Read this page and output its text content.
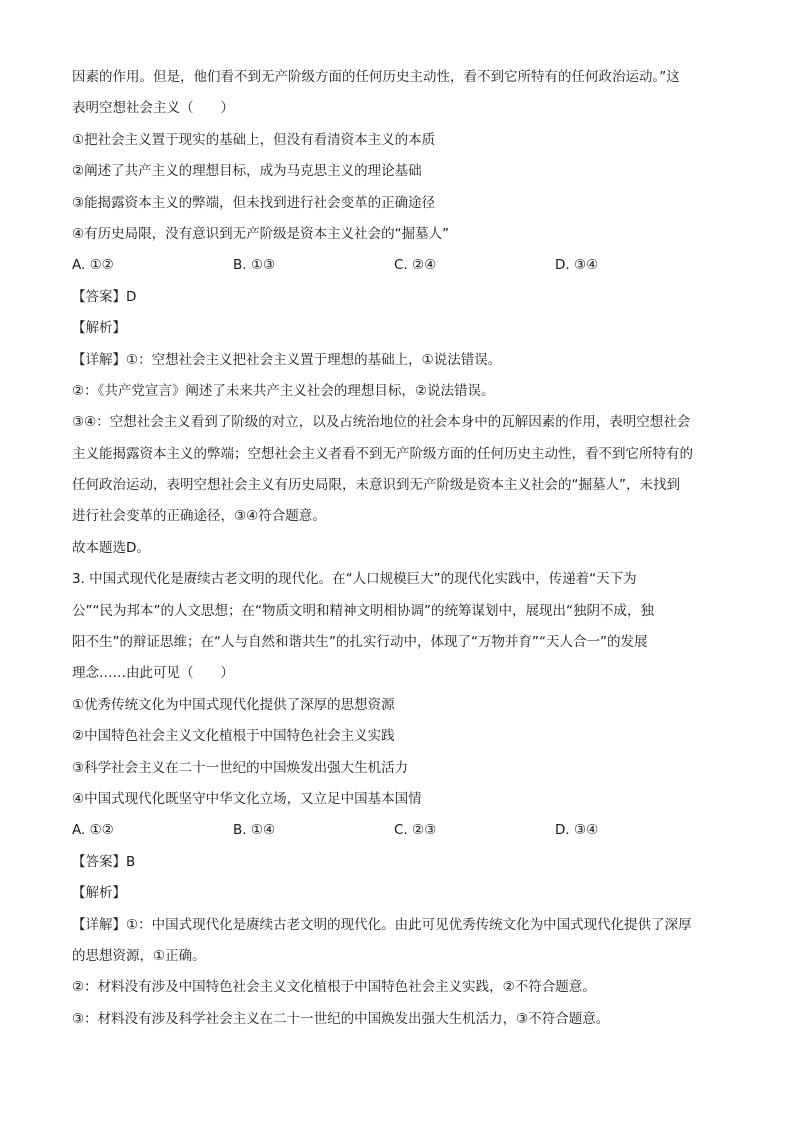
因素的作用。但是，他们看不到无产阶级方面的任何历史主动性，看不到它所特有的任何政治运动。”这
表明空想社会主义（　　）
①把社会主义置于现实的基础上，但没有看清资本主义的本质
②阐述了共产主义的理想目标，成为马克思主义的理论基础
③能揭露资本主义的弊端，但未找到进行社会变革的正确途径
④有历史局限，没有意识到无产阶级是资本主义社会的“掘墓人”
A. ①②	B. ①③	C. ②④	D. ③④
【答案】D
【解析】
【详解】①：空想社会主义把社会主义置于理想的基础上，①说法错误。
②：《共产党宣言》阐述了未来共产主义社会的理想目标，②说法错误。
③④：空想社会主义看到了阶级的对立，以及占统治地位的社会本身中的瓦解因素的作用，表明空想社会
主义能揭露资本主义的弊端；空想社会主义者看不到无产阶级方面的任何历史主动性，看不到它所特有的
任何政治运动，表明空想社会主义有历史局限，未意识到无产阶级是资本主义社会的“掘墓人”，未找到
进行社会变革的正确途径，③④符合题意。
故本题选D。
3. 中国式现代化是赓续古老文明的现代化。在“人口规模巨大”的现代化实践中，传递着“天下为
公”“民为邦本”的人文思想；在“物质文明和精神文明相协调”的统筹谋划中，展现出“独阴不成，独
阳不生”的辩证思维；在“人与自然和谐共生”的扎实行动中，体现了“万物并育”“天人合一”的发展
理念……由此可见（　　）
①优秀传统文化为中国式现代化提供了深厚的思想资源
②中国特色社会主义文化植根于中国特色社会主义实践
③科学社会主义在二十一世纪的中国焕发出强大生机活力
④中国式现代化既坚守中华文化立场，又立足中国基本国情
A. ①②	B. ①④	C. ②③	D. ③④
【答案】B
【解析】
【详解】①：中国式现代化是赓续古老文明的现代化。由此可见优秀传统文化为中国式现代化提供了深厚
的思想资源，①正确。
②：材料没有涉及中国特色社会主义文化植根于中国特色社会主义实践，②不符合题意。
③：材料没有涉及科学社会主义在二十一世纪的中国焕发出强大生机活力，③不符合题意。
